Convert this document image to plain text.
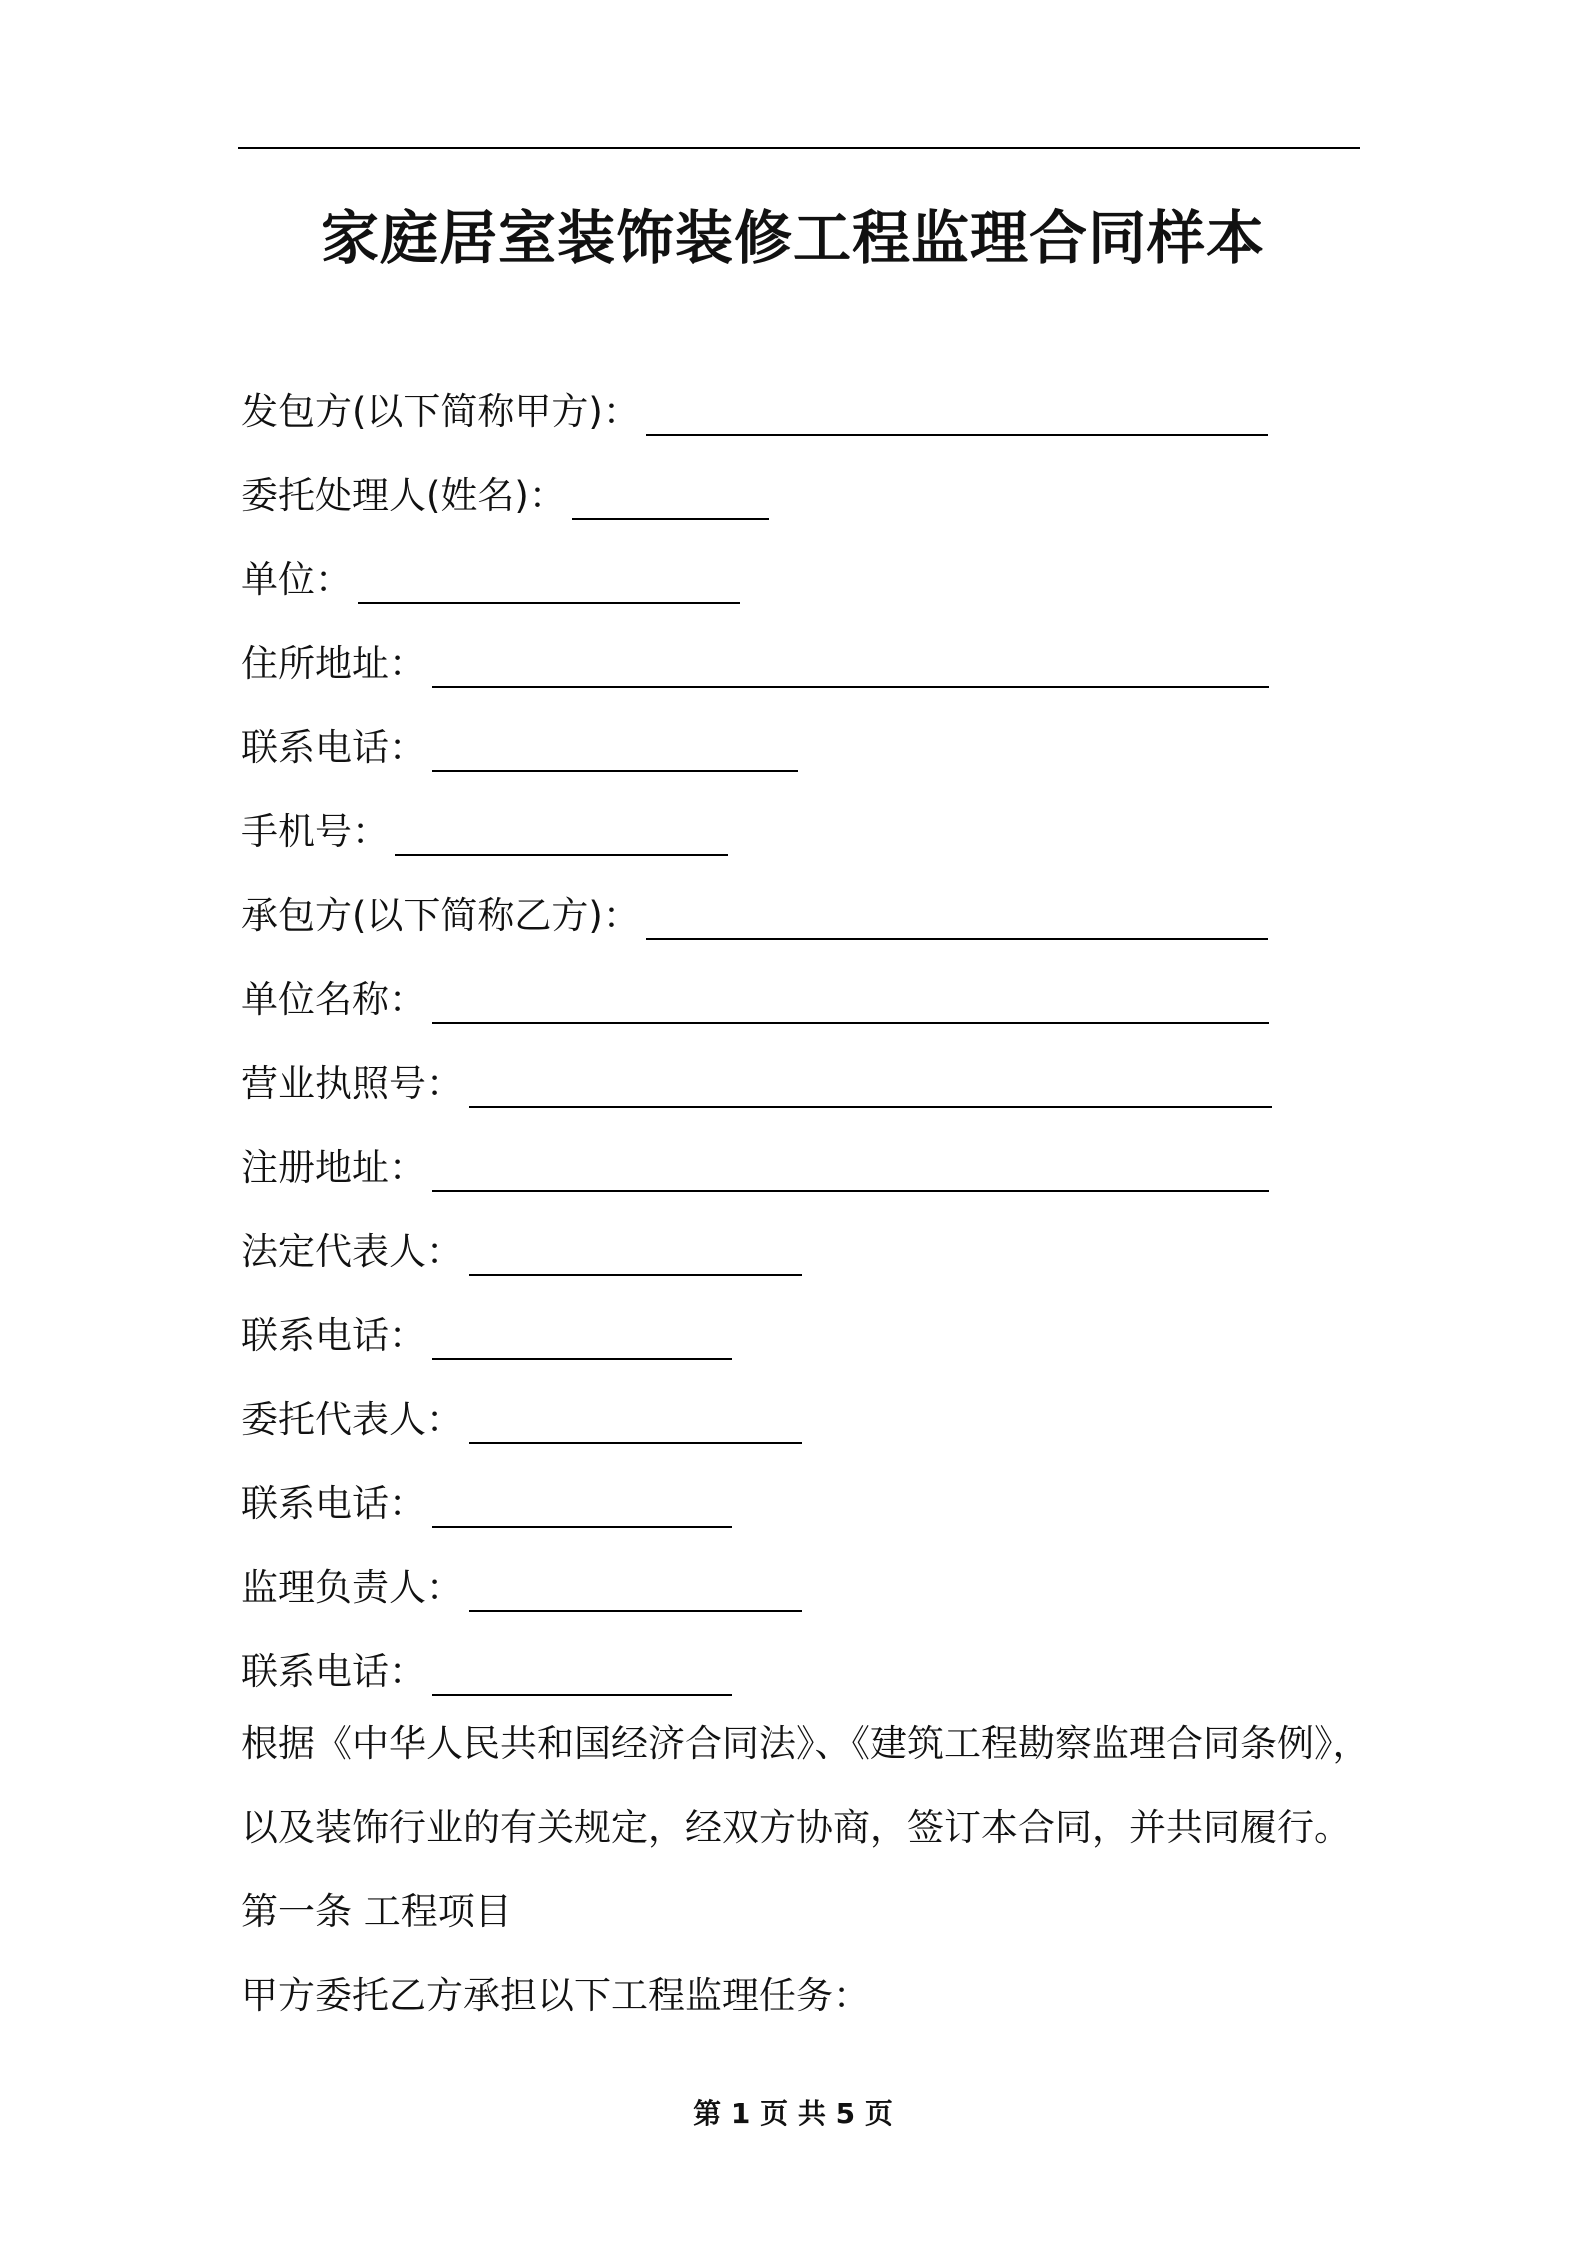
家庭居室装饰装修工程监理合同样本
发包方(以下简称甲方)：
委托处理人(姓名)：
单位：
住所地址：
联系电话：
手机号：
承包方(以下简称乙方)：
单位名称：
营业执照号：
注册地址：
法定代表人：
联系电话：
委托代表人：
联系电话：
监理负责人：
联系电话：

根据《中华人民共和国经济合同法》、《建筑工程勘察监理合同条例》，

以及装饰行业的有关规定，经双方协商，签订本合同，并共同履行。

第一条 工程项目

甲方委托乙方承担以下工程监理任务：

第 1 页 共 5 页
